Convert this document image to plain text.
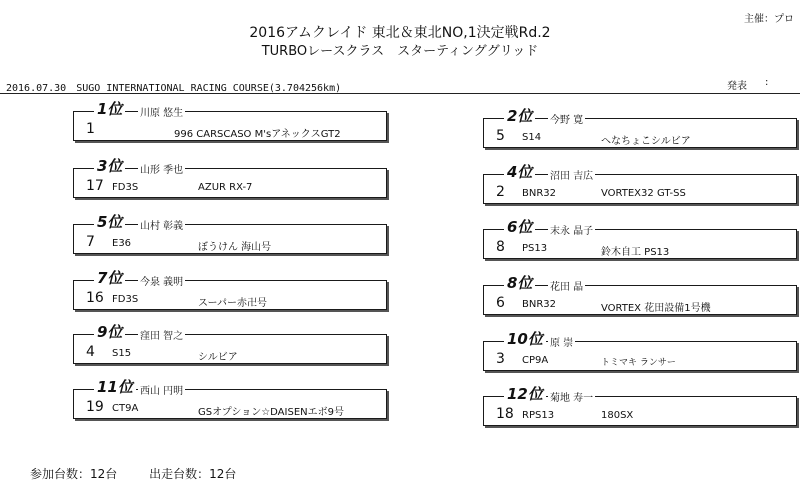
主催：プロ
2016アムクレイド 東北＆東北NO,1決定戦Rd.2
TURBOレースクラス　スターティンググリッド
2016.07.30　SUGO INTERNATIONAL RACING COURSE(3.704256km)	発表 :
1位	川原 悠生
1	996 CARSCASO M'sアネックスGT2
3位	山形 季也
17 FD3S	AZUR RX-7
5位	山村 彰義
7 E36	ぼうけん 海山号
7位	今泉 義明
16 FD3S	スーパー赤卍号
9位	窪田 智之
4 S15	シルビア
11位 西山 円明
19 CT9A	GSオプション☆DAISENエボ9号
2位	今野 寛
5 S14	へなちょこシルビア
4位	沼田 吉広
2 BNR32	VORTEX32 GT-SS
6位	末永 晶子
8 PS13	鈴木自工 PS13
8位	花田 晶
6 BNR32	VORTEX 花田設備1号機
10位 原 崇
3 CP9A	トミマキ ランサー
12位 菊地 寿一
18 RPS13	180SX
参加台数：12台	出走台数：12台
